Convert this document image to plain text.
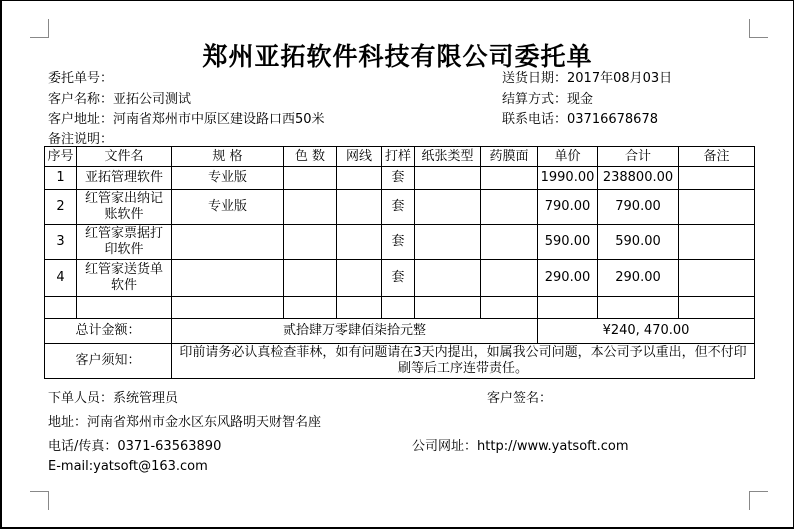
郑州亚拓软件科技有限公司委托单
委托单号：	送货日期：2017年08月03日
客户名称：亚拓公司测试	结算方式：现金
客户地址：河南省郑州市中原区建设路口西50米	联系电话：03716678678
备注说明：
序号	文件名	规 格	色 数	网线	打样	纸张类型	药膜面	单价	合计	备注
1	亚拓管理软件	专业版			套			1990.00	238800.00	
2	红管家出纳记账软件	专业版			套			790.00	790.00	
3	红管家票据打印软件				套			590.00	590.00	
4	红管家送货单软件				套			290.00	290.00	

总计金额：		贰拾肆万零肆佰柒拾元整						¥240, 470.00		
客户须知：		印前请务必认真检查菲林，如有问题请在3天内提出，如属我公司问题，本公司予以重出，但不付印刷等后工序连带责任。								
下单人员：系统管理员	客户签名：
地址：河南省郑州市金水区东风路明天财智名座
电话/传真：0371-63563890	公司网址：http://www.yatsoft.com
E-mail:yatsoft@163.com
